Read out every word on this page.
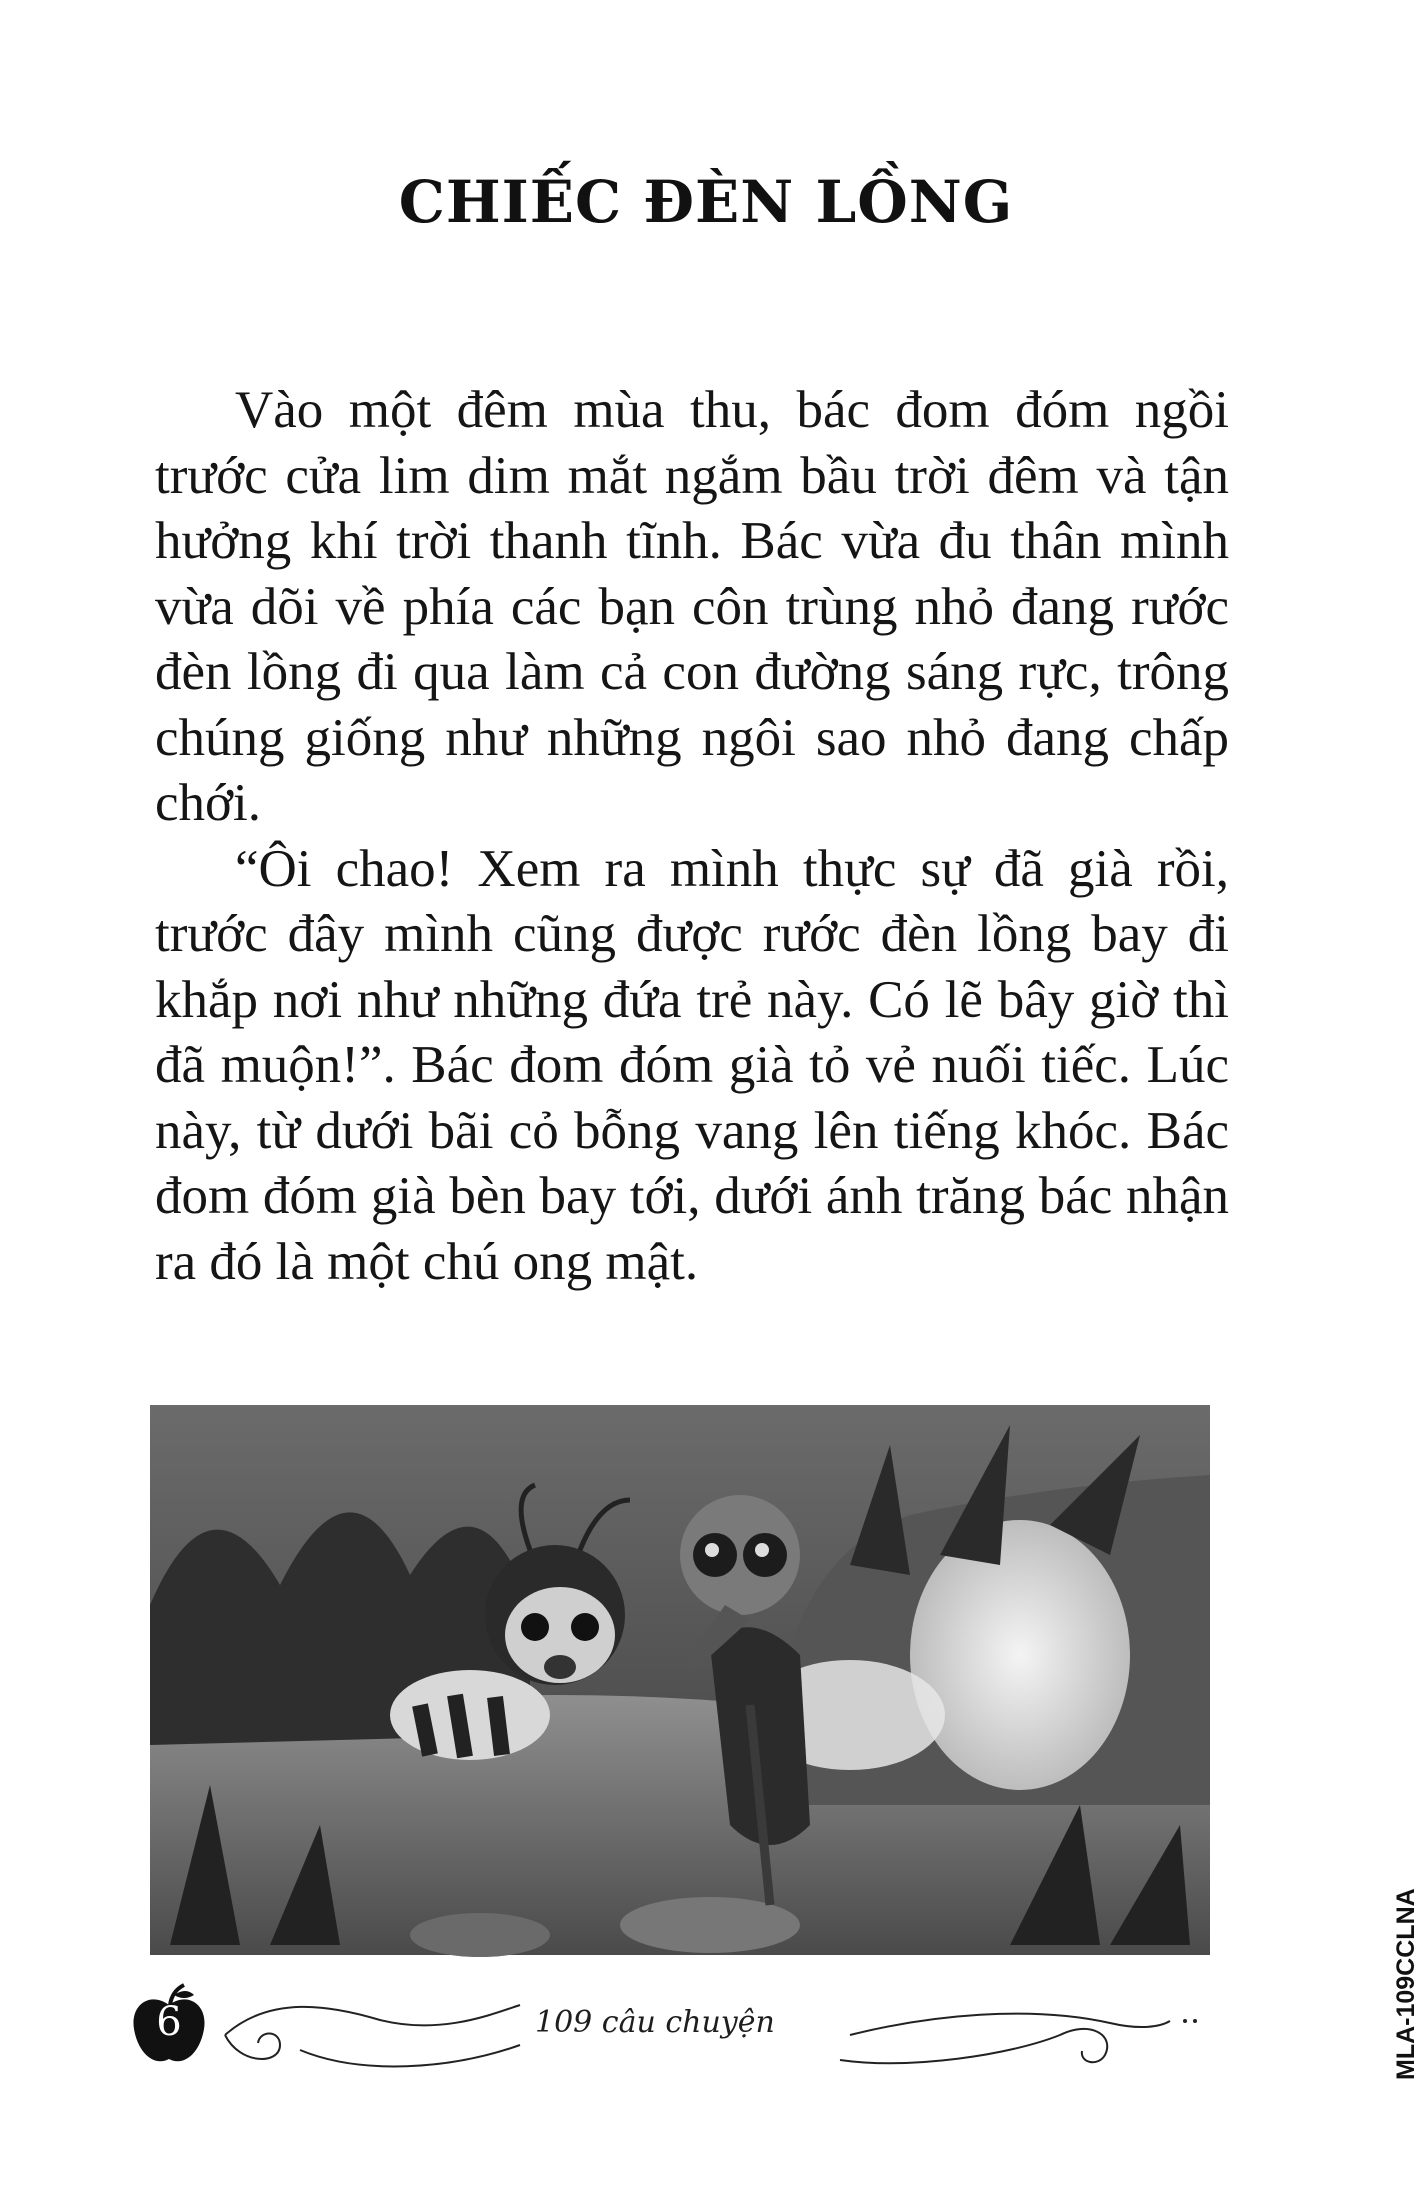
CHIẾC ĐÈN LỒNG

Vào một đêm mùa thu, bác đom đóm ngồi trước cửa lim dim mắt ngắm bầu trời đêm và tận hưởng khí trời thanh tĩnh. Bác vừa đu thân mình vừa dõi về phía các bạn côn trùng nhỏ đang rước đèn lồng đi qua làm cả con đường sáng rực, trông chúng giống như những ngôi sao nhỏ đang chấp chới.

“Ôi chao! Xem ra mình thực sự đã già rồi, trước đây mình cũng được rước đèn lồng bay đi khắp nơi như những đứa trẻ này. Có lẽ bây giờ thì đã muộn!”. Bác đom đóm già tỏ vẻ nuối tiếc. Lúc này, từ dưới bãi cỏ bỗng vang lên tiếng khóc. Bác đom đóm già bèn bay tới, dưới ánh trăng bác nhận ra đó là một chú ong mật.

6	109 câu chuyện	MLA-109CCLNA
